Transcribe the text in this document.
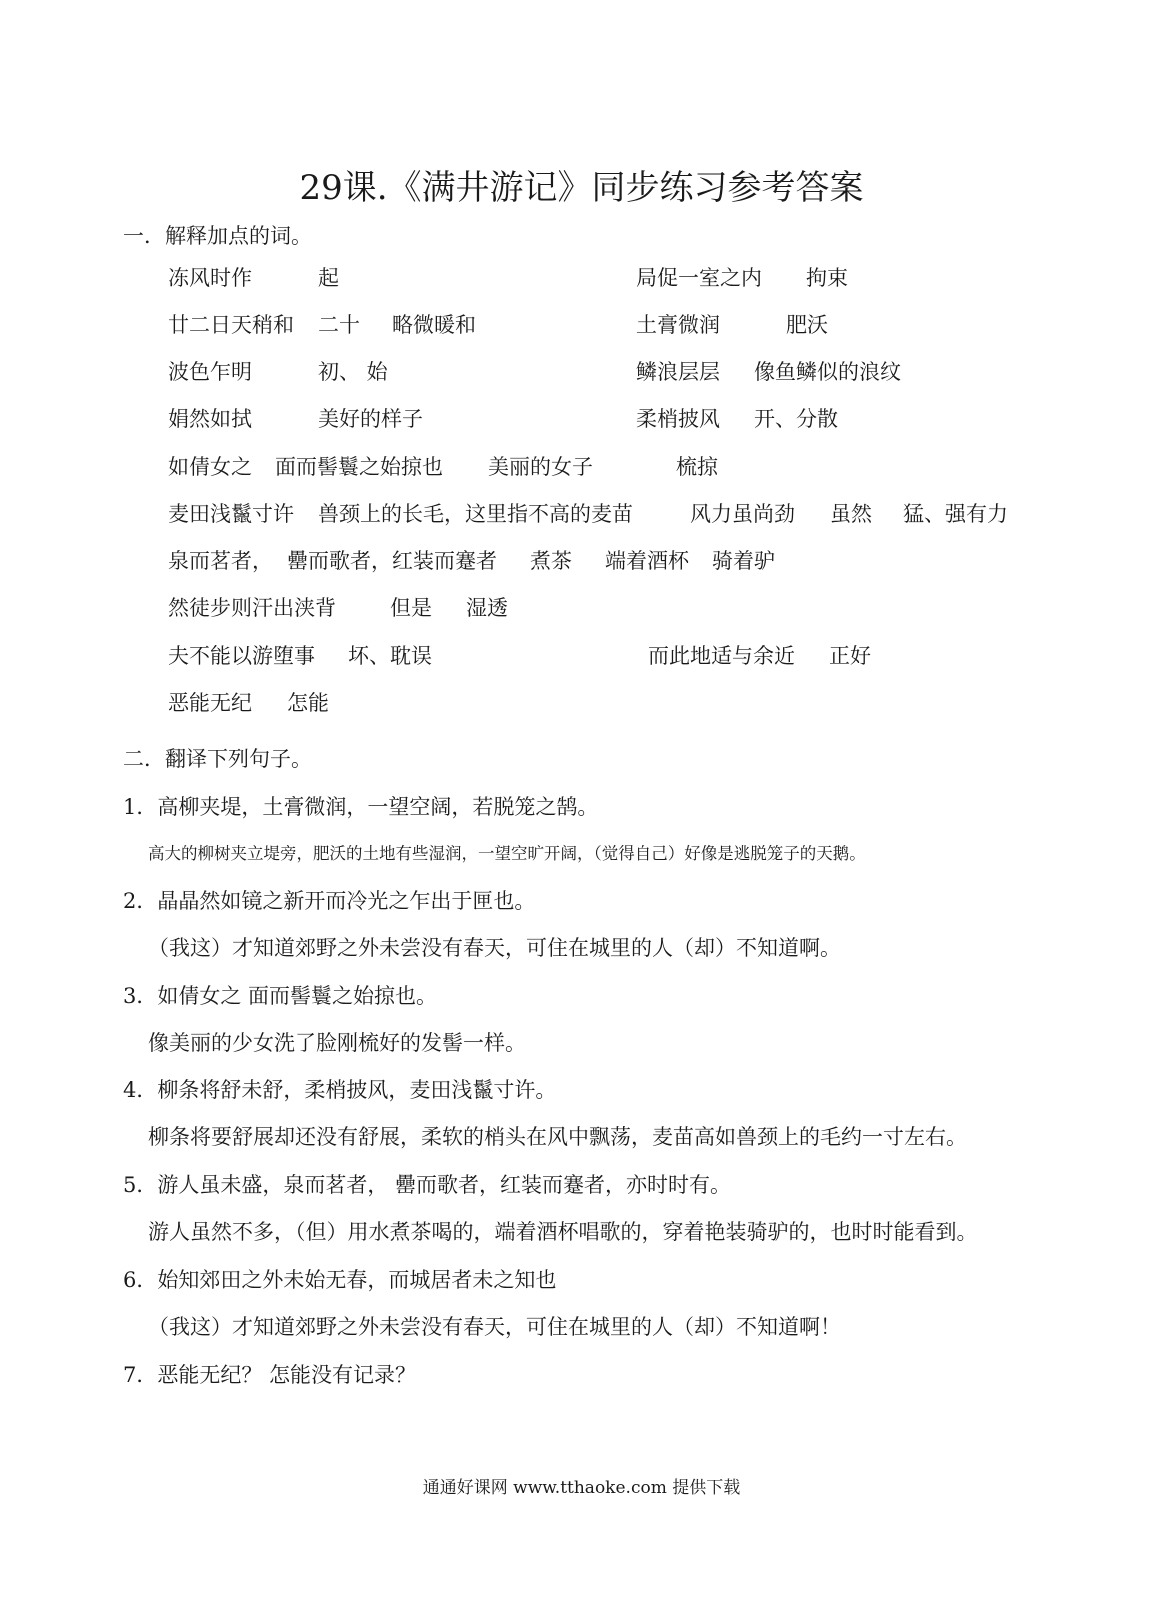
29课.《满井游记》同步练习参考答案
一．解释加点的词。
冻风时作	起	局促一室之内 拘束
廿二日天稍和 二十 略微暖和	土膏微润	肥沃
波色乍明	初、 始	鳞浪层层 像鱼鳞似的浪纹
娟然如拭	美好的样子	柔梢披风 开、分散
如倩女之 面而髻鬟之始掠也 美丽的女子	梳掠
麦田浅鬣寸许 兽颈上的长毛，这里指不高的麦苗	风力虽尚劲 虽然 猛、强有力
泉而茗者， 罍而歌者，红装而蹇者 煮茶 端着酒杯 骑着驴
然徒步则汗出浃背	但是 湿透
夫不能以游堕事 坏、耽误	而此地适与余近 正好
恶能无纪 怎能
二．翻译下列句子。
1．高柳夹堤，土膏微润，一望空阔，若脱笼之鹄。
高大的柳树夹立堤旁，肥沃的土地有些湿润，一望空旷开阔，（觉得自己）好像是逃脱笼子的天鹅。
2．晶晶然如镜之新开而冷光之乍出于匣也。
（我这）才知道郊野之外未尝没有春天，可住在城里的人（却）不知道啊。
3．如倩女之 面而髻鬟之始掠也。
像美丽的少女洗了脸刚梳好的发髻一样。
4．柳条将舒未舒，柔梢披风，麦田浅鬣寸许。
柳条将要舒展却还没有舒展，柔软的梢头在风中飘荡，麦苗高如兽颈上的毛约一寸左右。
5．游人虽未盛，泉而茗者， 罍而歌者，红装而蹇者，亦时时有。
游人虽然不多，（但）用水煮茶喝的，端着酒杯唱歌的，穿着艳装骑驴的，也时时能看到。
6．始知郊田之外未始无春，而城居者未之知也
（我这）才知道郊野之外未尝没有春天，可住在城里的人（却）不知道啊！
7．恶能无纪？ 怎能没有记录？
通通好课网 www.tthaoke.com 提供下载
